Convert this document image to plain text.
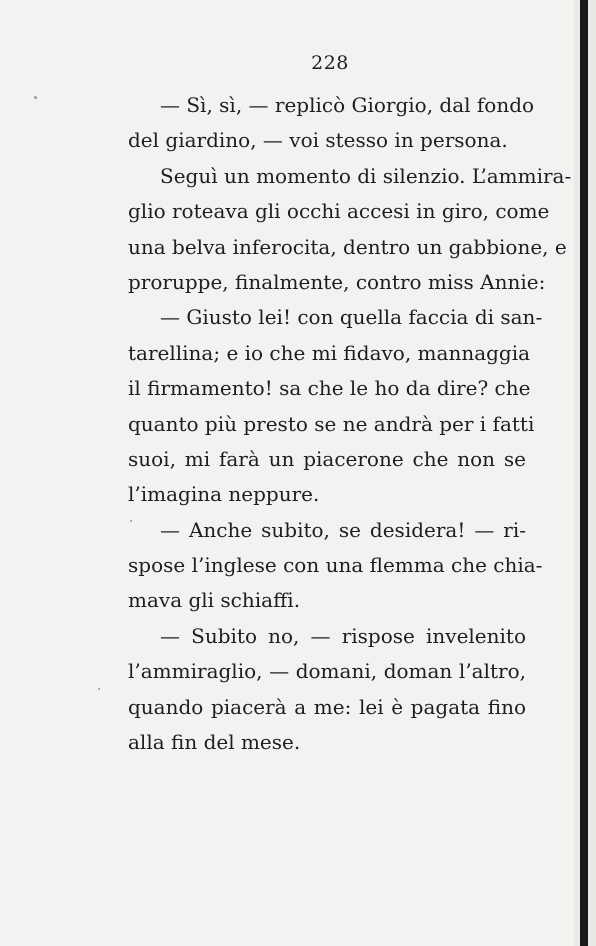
228

— Sì, sì, — replicò Giorgio, dal fondo
del giardino, — voi stesso in persona.

Seguì un momento di silenzio. L’ammira-
glio roteava gli occhi accesi in giro, come
una belva inferocita, dentro un gabbione, e
proruppe, finalmente, contro miss Annie:

— Giusto lei! con quella faccia di san-
tarellina; e io che mi fidavo, mannaggia
il firmamento! sa che le ho da dire? che
quanto più presto se ne andrà per i fatti
suoi, mi farà un piacerone che non se
l’imagina neppure.

— Anche subito, se desidera! — ri-
spose l’inglese con una flemma che chia-
mava gli schiaffi.

— Subito no, — rispose invelenito
l’ammiraglio, — domani, doman l’altro,
quando piacerà a me: lei è pagata fino
alla fin del mese.
